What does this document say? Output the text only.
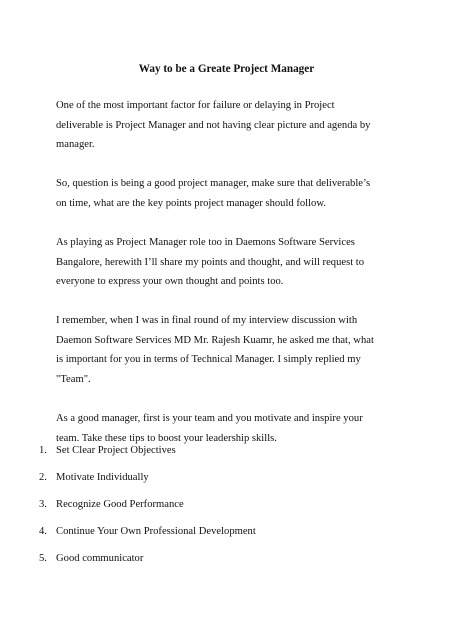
Way to be a Greate Project Manager

One of the most important factor for failure or delaying in Project
deliverable is Project Manager and not having clear picture and agenda by
manager.

So, question is being a good project manager, make sure that deliverable’s
on time, what are the key points project manager should follow.

As playing as Project Manager role too in Daemons Software Services
Bangalore, herewith I’ll share my points and thought, and will request to
everyone to express your own thought and points too.

I remember, when I was in final round of my interview discussion with
Daemon Software Services MD Mr. Rajesh Kuamr, he asked me that, what
is important for you in terms of Technical Manager. I simply replied my
"Team".

As a good manager, first is your team and you motivate and inspire your
team. Take these tips to boost your leadership skills.

1. Set Clear Project Objectives
2. Motivate Individually
3. Recognize Good Performance
4. Continue Your Own Professional Development
5. Good communicator
